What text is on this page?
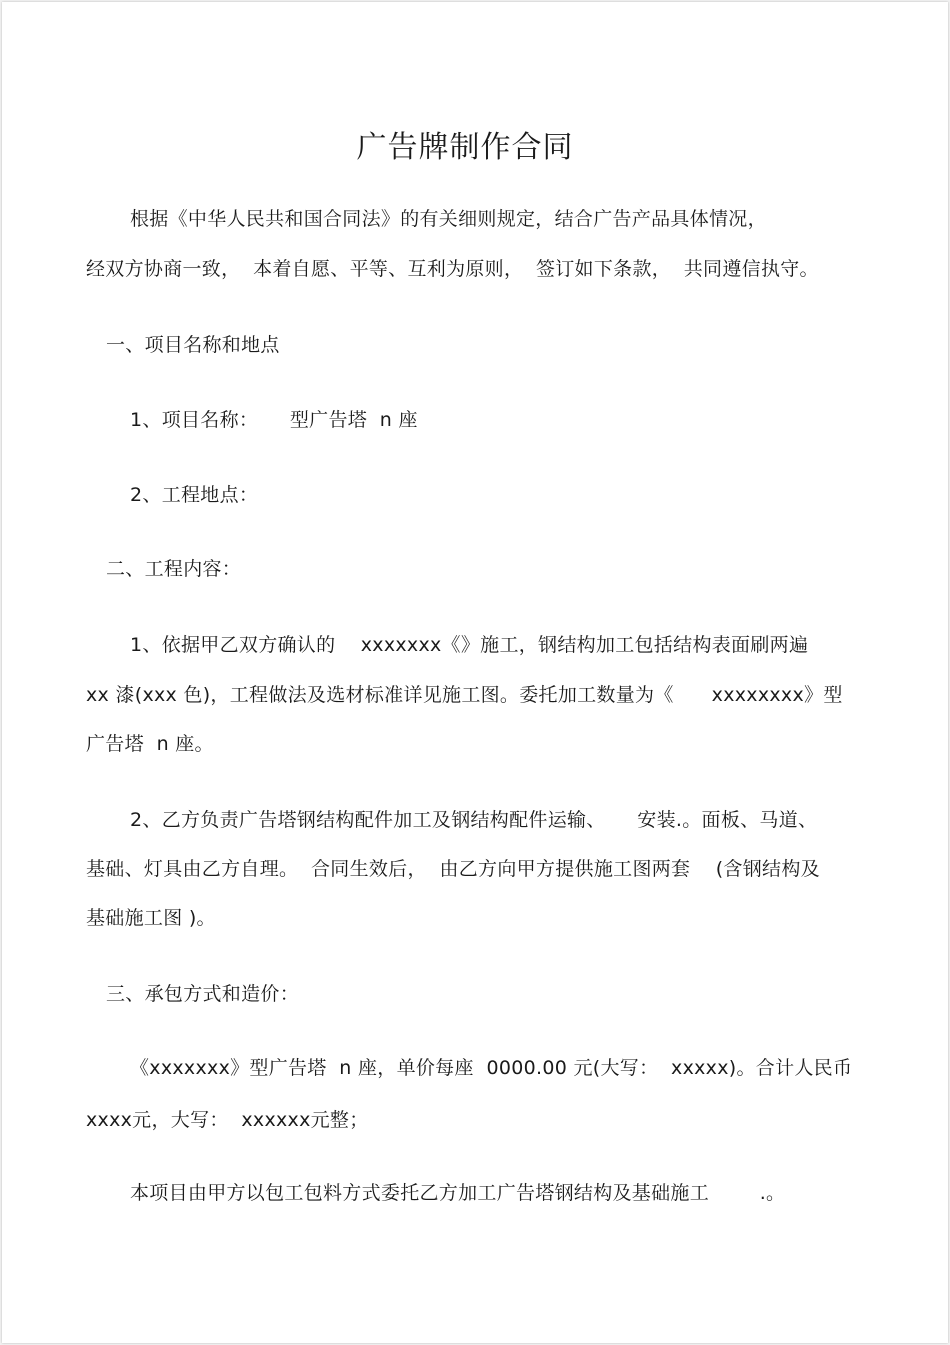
广告牌制作合同
根据《中华人民共和国合同法》的有关细则规定，结合广告产品具体情况，
经双方协商一致，  本着自愿、平等、互利为原则，  签订如下条款，  共同遵信执守。
一、项目名称和地点
1、项目名称：     型广告塔  n 座
2、工程地点：
二、工程内容：
1、依据甲乙双方确认的    xxxxxxx《》施工，钢结构加工包括结构表面刷两遍
xx 漆(xxx 色)，工程做法及选材标准详见施工图。委托加工数量为《      xxxxxxxx》型
广告塔  n 座。
2、乙方负责广告塔钢结构配件加工及钢结构配件运输、     安装.。面板、马道、
基础、灯具由乙方自理。  合同生效后，  由乙方向甲方提供施工图两套    (含钢结构及
基础施工图 )。
三、承包方式和造价：
《xxxxxxx》型广告塔  n 座，单价每座  0000.00 元(大写：  xxxxx)。合计人民币
xxxx元，大写：  xxxxxx元整；
本项目由甲方以包工包料方式委托乙方加工广告塔钢结构及基础施工        .。
